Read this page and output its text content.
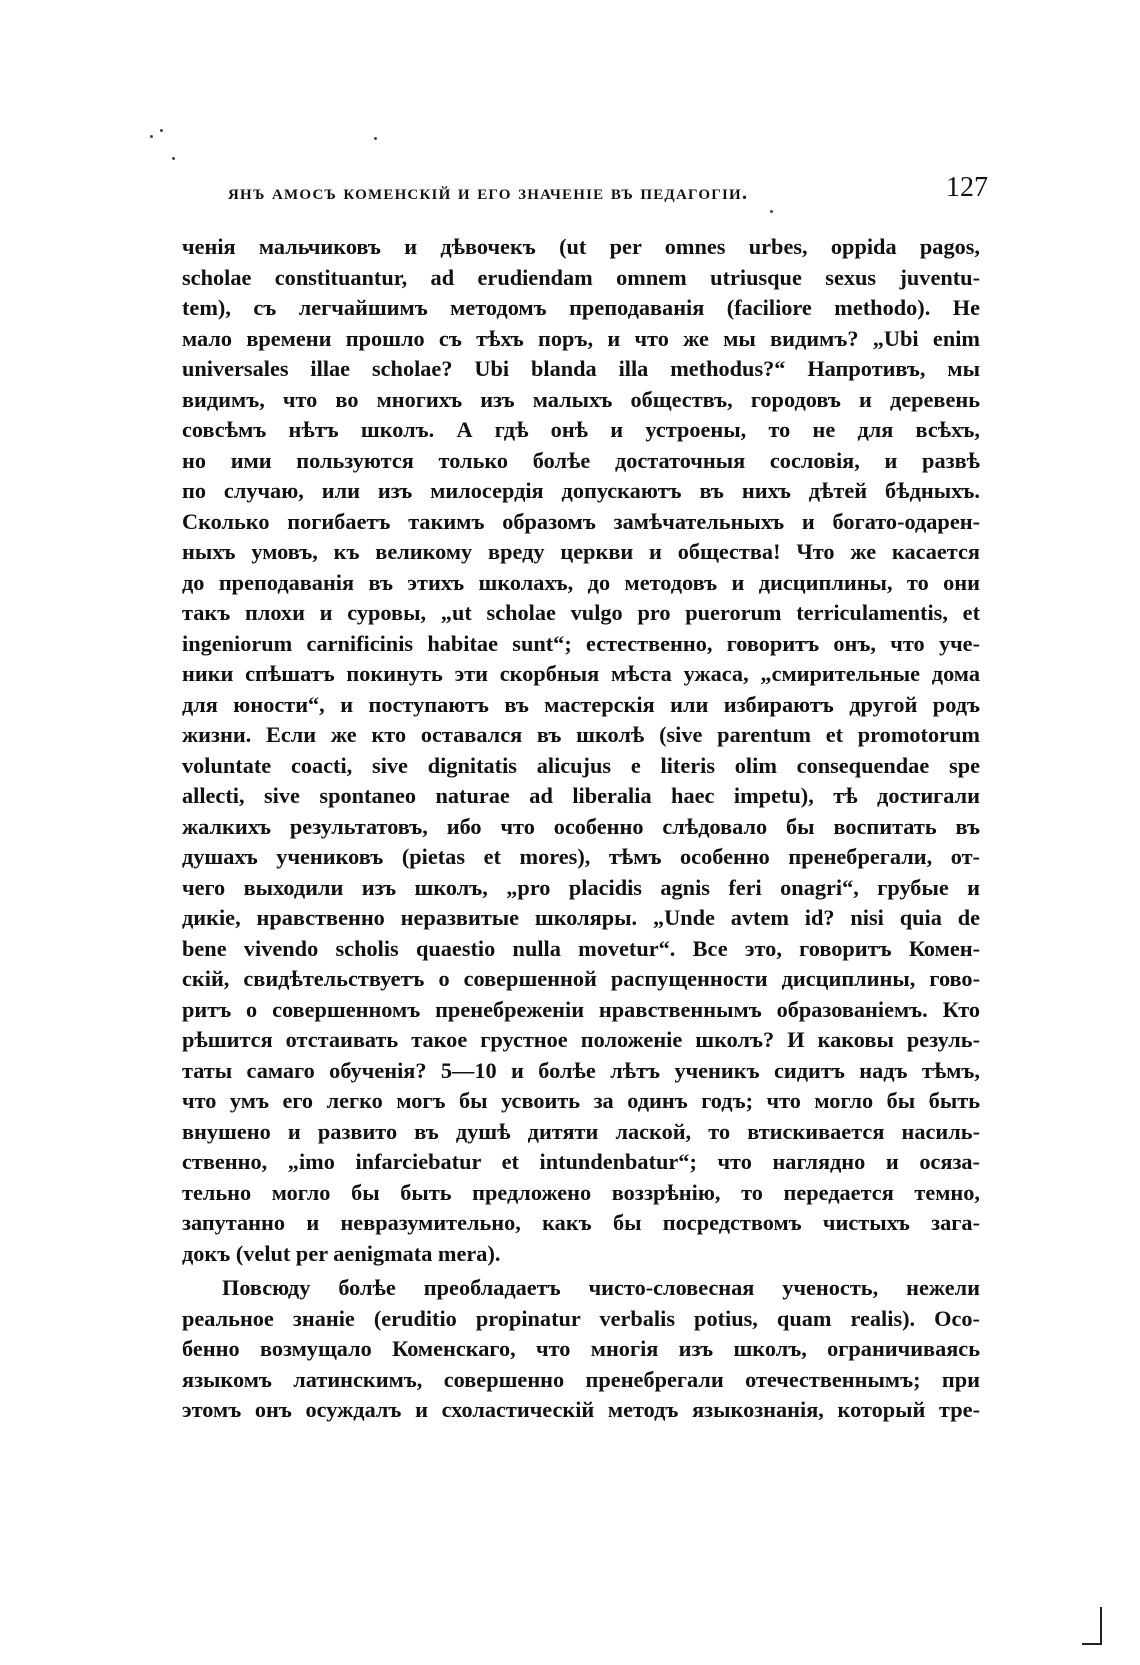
янъ амосъ коменскій и его значеніе въ педагогіи.	127
ченія мальчиковъ и дѣвочекъ (ut per omnes urbes, oppida pagos,
scholae constituantur, ad erudiendam omnem utriusque sexus juventu-
tem), съ легчайшимъ методомъ преподаванія (faciliore methodo). Не
мало времени прошло съ тѣхъ поръ, и что же мы видимъ? „Ubi enim
universales illae scholae? Ubi blanda illa methodus?“ Напротивъ, мы
видимъ, что во многихъ изъ малыхъ обществъ, городовъ и деревень
совсѣмъ нѣтъ школъ. А гдѣ онѣ и устроены, то не для всѣхъ,
но ими пользуются только болѣе достаточныя сословія, и развѣ
по случаю, или изъ милосердія допускаютъ въ нихъ дѣтей бѣдныхъ.
Сколько погибаетъ такимъ образомъ замѣчательныхъ и богато-одарен-
ныхъ умовъ, къ великому вреду церкви и общества! Что же касается
до преподаванія въ этихъ школахъ, до методовъ и дисциплины, то они
такъ плохи и суровы, „ut scholae vulgo pro puerorum terriculamentis, et
ingeniorum carnificinis habitae sunt“; естественно, говоритъ онъ, что уче-
ники спѣшатъ покинуть эти скорбныя мѣста ужаса, „смирительные дома
для юности“, и поступаютъ въ мастерскія или избираютъ другой родъ
жизни. Если же кто оставался въ школѣ (sive parentum et promotorum
voluntate coacti, sive dignitatis alicujus e literis olim consequendae spe
allecti, sive spontaneo naturae ad liberalia haec impetu), тѣ достигали
жалкихъ результатовъ, ибо что особенно слѣдовало бы воспитать въ
душахъ учениковъ (pietas et mores), тѣмъ особенно пренебрегали, от-
чего выходили изъ школъ, „pro placidis agnis feri onagri“, грубые и
дикіе, нравственно неразвитые школяры. „Unde avtem id? nisi quia de
bene vivendo scholis quaestio nulla movetur“. Все это, говоритъ Комен-
скій, свидѣтельствуетъ о совершенной распущенности дисциплины, гово-
ритъ о совершенномъ пренебреженіи нравственнымъ образованіемъ. Кто
рѣшится отстаивать такое грустное положеніе школъ? И каковы резуль-
таты самаго обученія? 5—10 и болѣе лѣтъ ученикъ сидитъ надъ тѣмъ,
что умъ его легко могъ бы усвоить за одинъ годъ; что могло бы быть
внушено и развито въ душѣ дитяти лаской, то втискивается насиль-
ственно, „imo infarciebatur et intundenbatur“; что наглядно и осяза-
тельно могло бы быть предложено воззрѣнію, то передается темно,
запутанно и невразумительно, какъ бы посредствомъ чистыхъ зага-
докъ (velut per aenigmata mera).
Повсюду болѣе преобладаетъ чисто-словесная ученость, нежели
реальное знаніе (eruditio propinatur verbalis potius, quam realis). Осо-
бенно возмущало Коменскаго, что многія изъ школъ, ограничиваясь
языкомъ латинскимъ, совершенно пренебрегали отечественнымъ; при
этомъ онъ осуждалъ и схоластическій методъ языкознанія, который тре-
